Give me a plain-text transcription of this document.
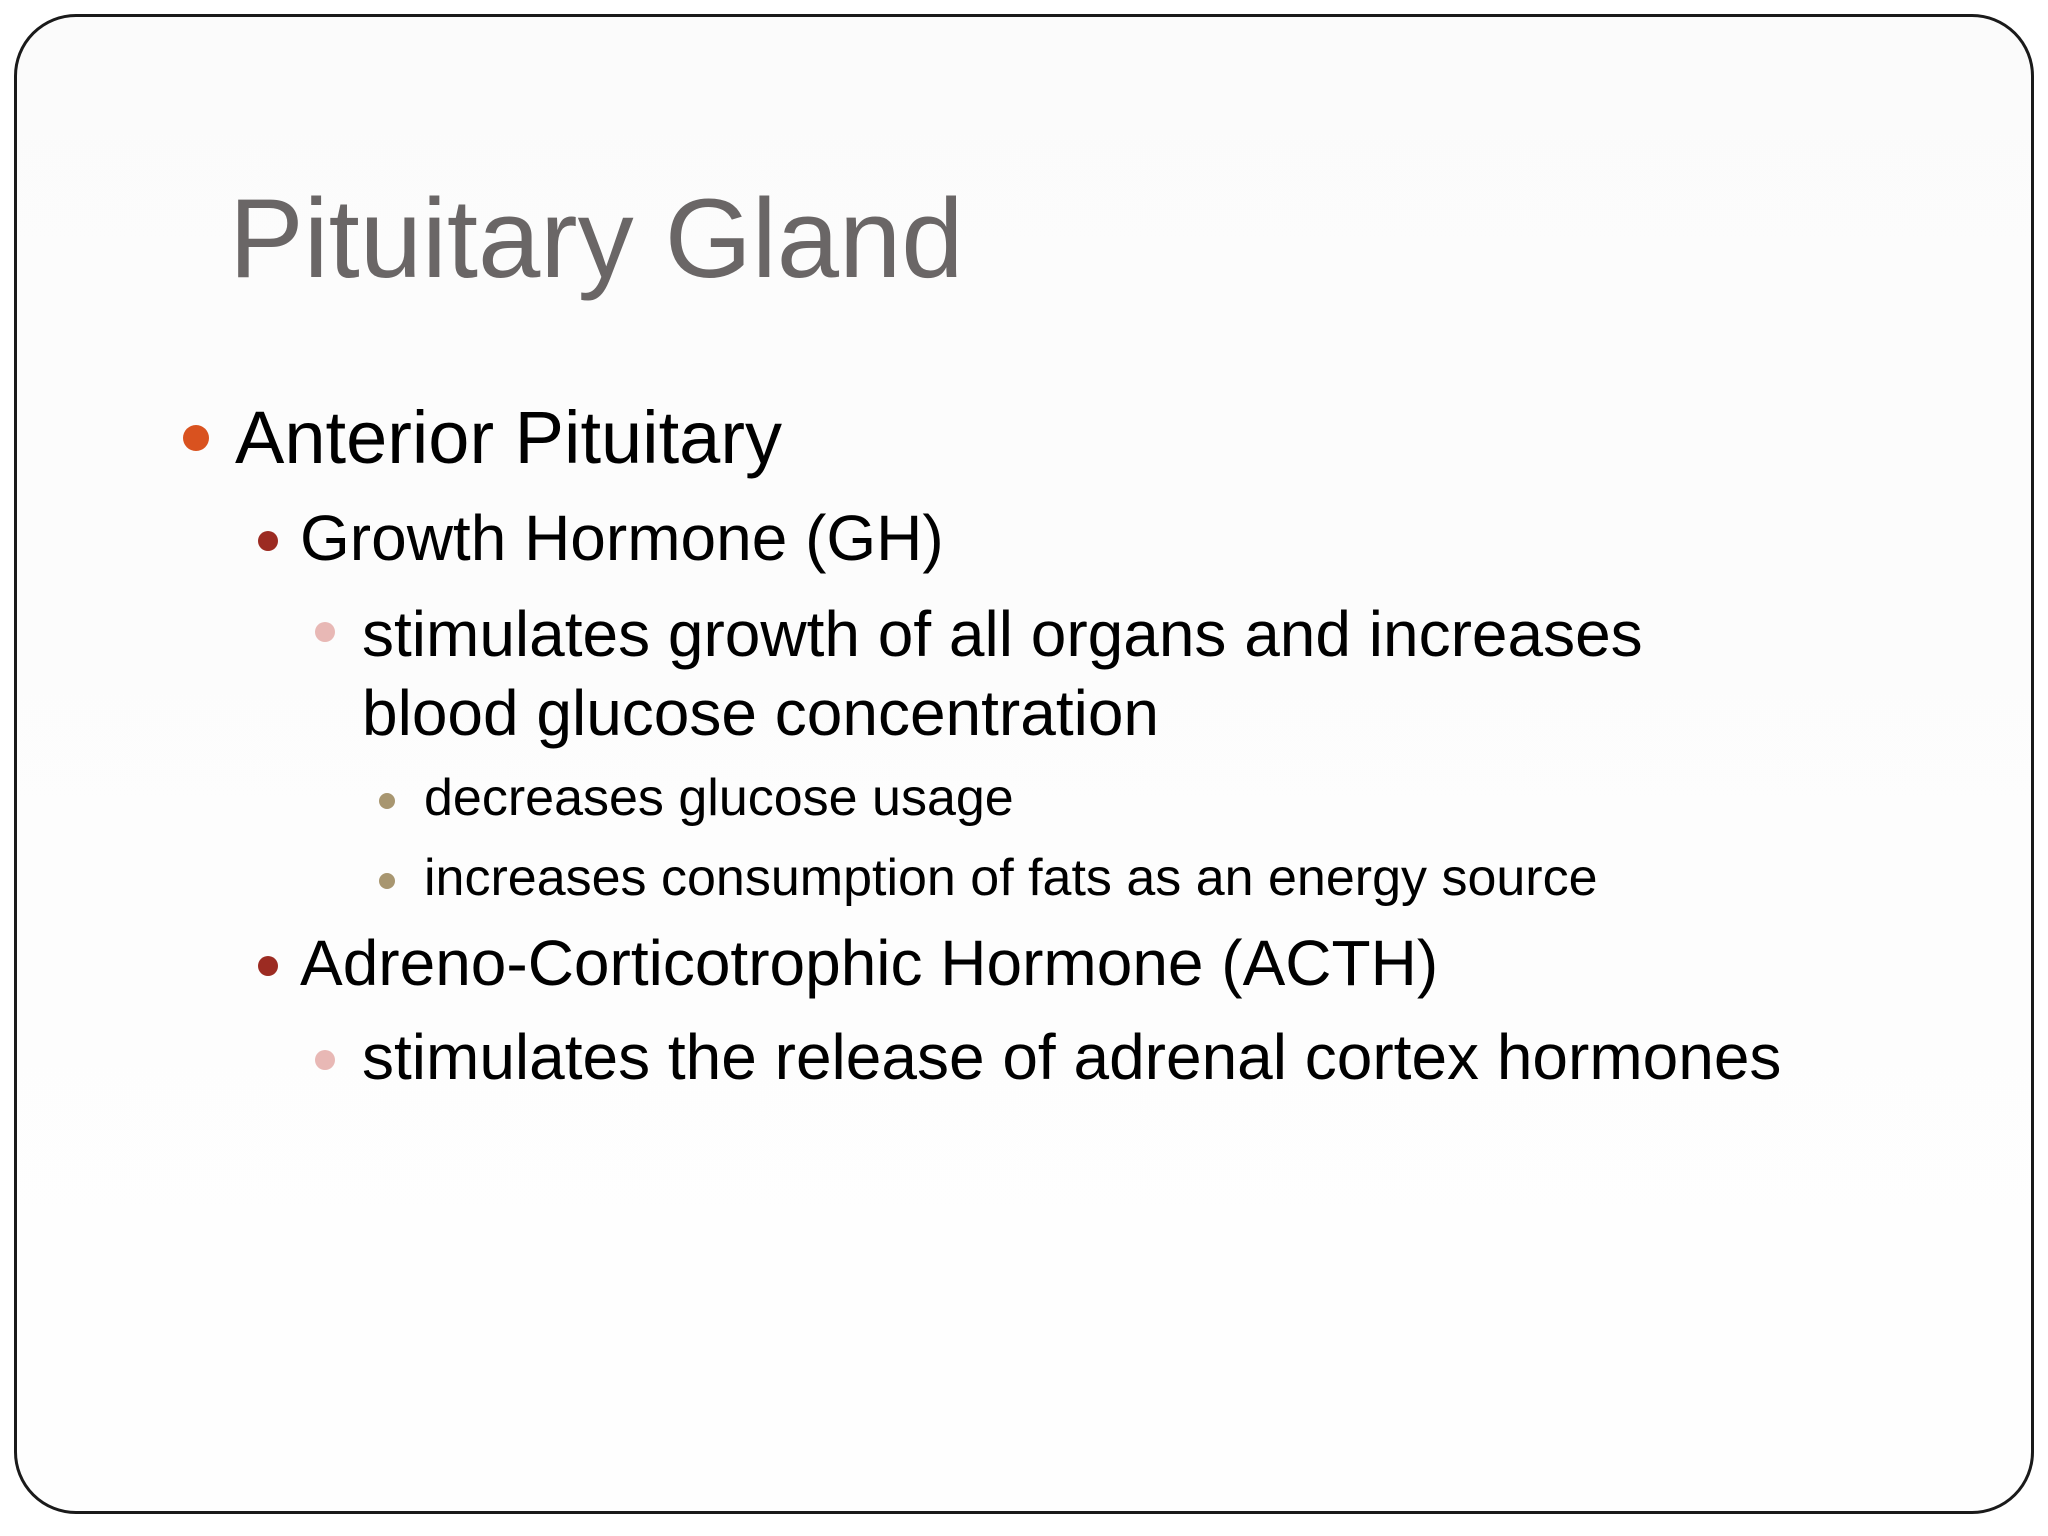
Pituitary Gland
Anterior Pituitary
Growth Hormone (GH)
stimulates growth of all organs and increases blood glucose concentration
decreases glucose usage
increases consumption of fats as an energy source
Adreno-Corticotrophic Hormone (ACTH)
stimulates the release of adrenal cortex hormones
